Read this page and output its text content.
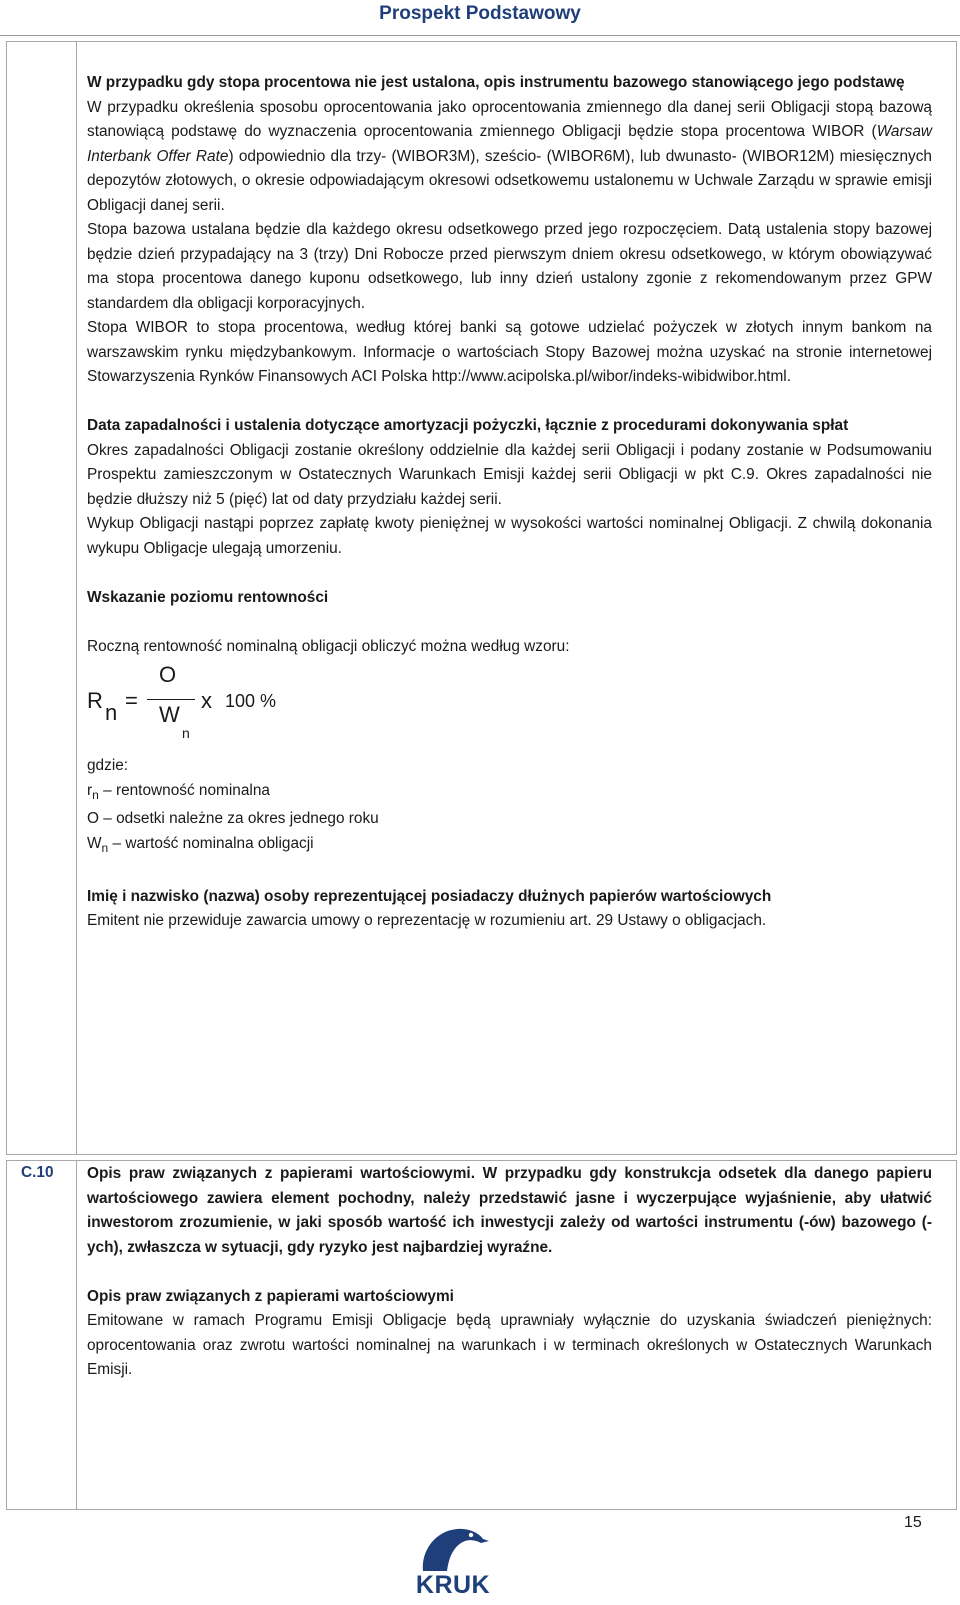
Prospekt Podstawowy

W przypadku gdy stopa procentowa nie jest ustalona, opis instrumentu bazowego stanowiącego jego podstawę

W przypadku określenia sposobu oprocentowania jako oprocentowania zmiennego dla danej serii Obligacji stopą bazową stanowiącą podstawę do wyznaczenia oprocentowania zmiennego Obligacji będzie stopa procentowa WIBOR (Warsaw Interbank Offer Rate) odpowiednio dla trzy- (WIBOR3M), sześcio- (WIBOR6M), lub dwunasto- (WIBOR12M) miesięcznych depozytów złotowych, o okresie odpowiadającym okresowi odsetkowemu ustalonemu w Uchwale Zarządu w sprawie emisji Obligacji danej serii.

Stopa bazowa ustalana będzie dla każdego okresu odsetkowego przed jego rozpoczęciem. Datą ustalenia stopy bazowej będzie dzień przypadający na 3 (trzy) Dni Robocze przed pierwszym dniem okresu odsetkowego, w którym obowiązywać ma stopa procentowa danego kuponu odsetkowego, lub inny dzień ustalony zgonie z rekomendowanym przez GPW standardem dla obligacji korporacyjnych.

Stopa WIBOR to stopa procentowa, według której banki są gotowe udzielać pożyczek w złotych innym bankom na warszawskim rynku międzybankowym. Informacje o wartościach Stopy Bazowej można uzyskać na stronie internetowej Stowarzyszenia Rynków Finansowych ACI Polska http://www.acipolska.pl/wibor/indeks-wibidwibor.html.

Data zapadalności i ustalenia dotyczące amortyzacji pożyczki, łącznie z procedurami dokonywania spłat

Okres zapadalności Obligacji zostanie określony oddzielnie dla każdej serii Obligacji i podany zostanie w Podsumowaniu Prospektu zamieszczonym w Ostatecznych Warunkach Emisji każdej serii Obligacji w pkt C.9. Okres zapadalności nie będzie dłuższy niż 5 (pięć) lat od daty przydziału każdej serii.

Wykup Obligacji nastąpi poprzez zapłatę kwoty pieniężnej w wysokości wartości nominalnej Obligacji. Z chwilą dokonania wykupu Obligacje ulegają umorzeniu.

Wskazanie poziomu rentowności

Roczną rentowność nominalną obligacji obliczyć można według wzoru:

R n =
O
W
n
x 100 %

gdzie:

$r_n$ – rentowność nominalna

O – odsetki należne za okres jednego roku

$W_n$ – wartość nominalna obligacji

Imię i nazwisko (nazwa) osoby reprezentującej posiadaczy dłużnych papierów wartościowych

Emitent nie przewiduje zawarcia umowy o reprezentację w rozumieniu art. 29 Ustawy o obligacjach.

C.10 Opis praw związanych z papierami wartościowymi. W przypadku gdy konstrukcja odsetek dla danego papieru wartościowego zawiera element pochodny, należy przedstawić jasne i wyczerpujące wyjaśnienie, aby ułatwić inwestorom zrozumienie, w jaki sposób wartość ich inwestycji zależy od wartości instrumentu (-ów) bazowego (-ych), zwłaszcza w sytuacji, gdy ryzyko jest najbardziej wyraźne.

Opis praw związanych z papierami wartościowymi

Emitowane w ramach Programu Emisji Obligacje będą uprawniały wyłącznie do uzyskania świadczeń pieniężnych: oprocentowania oraz zwrotu wartości nominalnej na warunkach i w terminach określonych w Ostatecznych Warunkach Emisji.

15
KRUK
